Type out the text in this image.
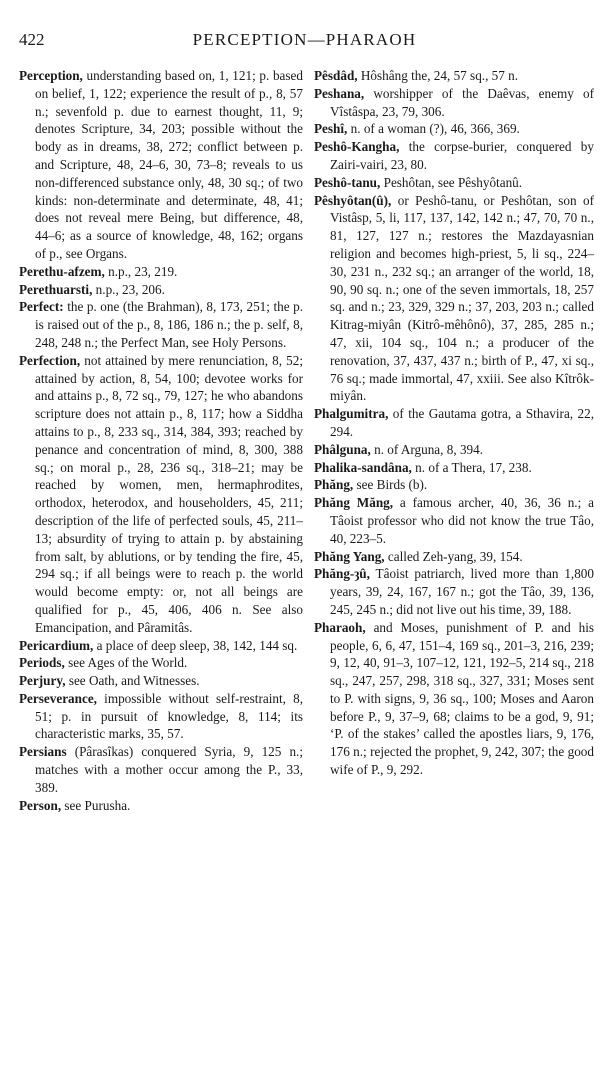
422	PERCEPTION—PHARAOH

Perception, understanding based on, 1, 121; p. based on belief, 1, 122; experience the result of p., 8, 57 n.; sevenfold p. due to earnest thought, 11, 9; denotes Scripture, 34, 203; possible without the body as in dreams, 38, 272; conflict between p. and Scripture, 48, 24–6, 30, 73–8; reveals to us non-differenced substance only, 48, 30 sq.; of two kinds: non-determinate and determinate, 48, 41; does not reveal mere Being, but difference, 48, 44–6; as a source of knowledge, 48, 162; organs of p., see Organs.

Perethu-afzem, n.p., 23, 219.

Perethuarsti, n.p., 23, 206.

Perfect: the p. one (the Brahman), 8, 173, 251; the p. is raised out of the p., 8, 186, 186 n.; the p. self, 8, 248, 248 n.; the Perfect Man, see Holy Persons.

Perfection, not attained by mere renunciation, 8, 52; attained by action, 8, 54, 100; devotee works for and attains p., 8, 72 sq., 79, 127; he who abandons scripture does not attain p., 8, 117; how a Siddha attains to p., 8, 233 sq., 314, 384, 393; reached by penance and concentration of mind, 8, 300, 388 sq.; on moral p., 28, 236 sq., 318–21; may be reached by women, men, hermaphrodites, orthodox, heterodox, and householders, 45, 211; description of the life of perfected souls, 45, 211–13; absurdity of trying to attain p. by abstaining from salt, by ablutions, or by tending the fire, 45, 294 sq.; if all beings were to reach p. the world would become empty: or, not all beings are qualified for p., 45, 406, 406 n. See also Emancipation, and Pâramitâs.

Pericardium, a place of deep sleep, 38, 142, 144 sq.

Periods, see Ages of the World.

Perjury, see Oath, and Witnesses.

Perseverance, impossible without self-restraint, 8, 51; p. in pursuit of knowledge, 8, 114; its characteristic marks, 35, 57.

Persians (Pârasîkas) conquered Syria, 9, 125 n.; matches with a mother occur among the P., 33, 389.

Person, see Purusha.

Pêsdâd, Hôshâng the, 24, 57 sq., 57 n.

Peshana, worshipper of the Daêvas, enemy of Vîstâspa, 23, 79, 306.

Peshî, n. of a woman (?), 46, 366, 369.

Peshô-Kangha, the corpse-burier, conquered by Zairi-vairi, 23, 80.

Peshô-tanu, Peshôtan, see Pêshyôtanû.

Pêshyôtan(û), or Peshô-tanu, or Peshôtan, son of Vistâsp, 5, li, 117, 137, 142, 142 n.; 47, 70, 70 n., 81, 127, 127 n.; restores the Mazdayasnian religion and becomes high-priest, 5, li sq., 224–30, 231 n., 232 sq.; an arranger of the world, 18, 90, 90 sq. n.; one of the seven immortals, 18, 257 sq. and n.; 23, 329, 329 n.; 37, 203, 203 n.; called Kitrag-miyân (Kitrô-mêhônô), 37, 285, 285 n.; 47, xii, 104 sq., 104 n.; a producer of the renovation, 37, 437, 437 n.; birth of P., 47, xi sq., 76 sq.; made immortal, 47, xxiii. See also Kîtrôk-miyân.

Phalgumitra, of the Gautama gotra, a Sthavira, 22, 294.

Phâlguna, n. of Arguna, 8, 394.

Phalika-sandâna, n. of a Thera, 17, 238.

Phăng, see Birds (b).

Phăng Măng, a famous archer, 40, 36, 36 n.; a Tâoist professor who did not know the true Tâo, 40, 223–5.

Phăng Yang, called Zeh-yang, 39, 154.

Phăng-ȝû, Tâoist patriarch, lived more than 1,800 years, 39, 24, 167, 167 n.; got the Tâo, 39, 136, 245, 245 n.; did not live out his time, 39, 188.

Pharaoh, and Moses, punishment of P. and his people, 6, 6, 47, 151–4, 169 sq., 201–3, 216, 239; 9, 12, 40, 91–3, 107–12, 121, 192–5, 214 sq., 218 sq., 247, 257, 298, 318 sq., 327, 331; Moses sent to P. with signs, 9, 36 sq., 100; Moses and Aaron before P., 9, 37–9, 68; claims to be a god, 9, 91; ‘P. of the stakes’ called the apostles liars, 9, 176, 176 n.; rejected the prophet, 9, 242, 307; the good wife of P., 9, 292.
